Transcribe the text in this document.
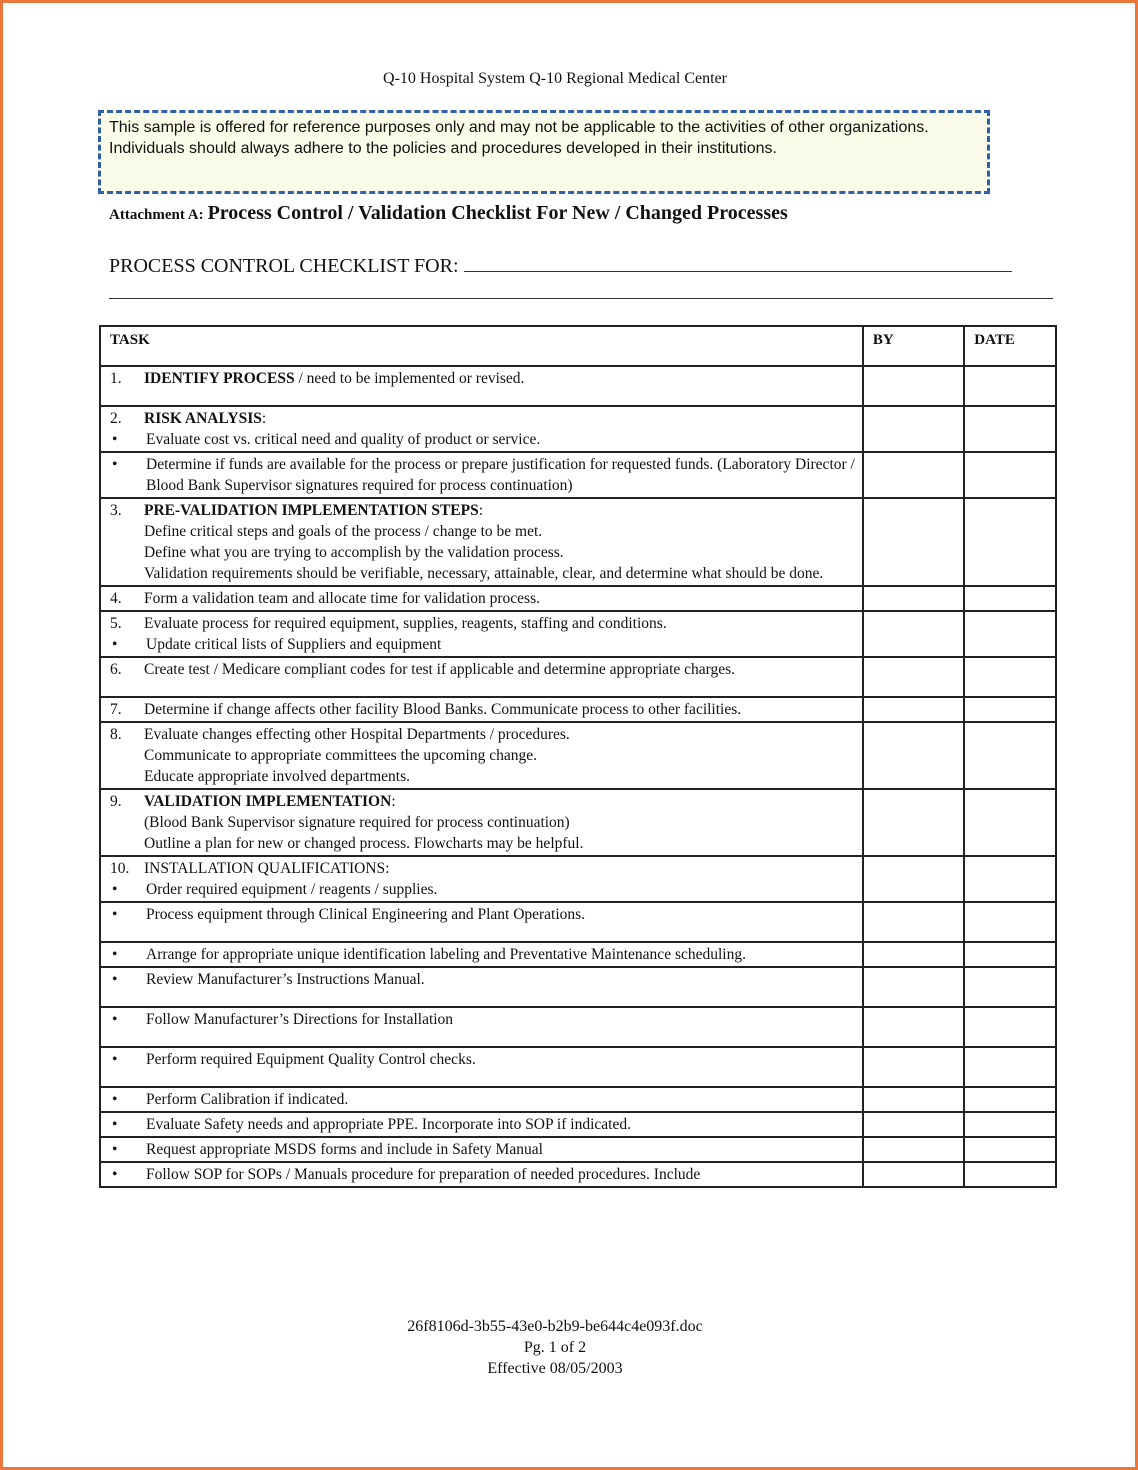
Q-10 Hospital System Q-10 Regional Medical Center
This sample is offered for reference purposes only and may not be applicable to the activities of other organizations. Individuals should always adhere to the policies and procedures developed in their institutions.
Attachment A: Process Control / Validation Checklist For New / Changed Processes
PROCESS CONTROL CHECKLIST FOR:
TASK	BY	DATE

1. IDENTIFY PROCESS / need to be implemented or revised.		

2. RISK ANALYSIS:
• Evaluate cost vs. critical need and quality of product or service.		

• Determine if funds are available for the process or prepare justification for requested funds. (Laboratory Director / Blood Bank Supervisor signatures required for process continuation)		

3. PRE-VALIDATION IMPLEMENTATION STEPS:
Define critical steps and goals of the process / change to be met.
Define what you are trying to accomplish by the validation process.
Validation requirements should be verifiable, necessary, attainable, clear, and determine what should be done.		

4. Form a validation team and allocate time for validation process.		

5. Evaluate process for required equipment, supplies, reagents, staffing and conditions.
• Update critical lists of Suppliers and equipment		

6. Create test / Medicare compliant codes for test if applicable and determine appropriate charges.		

7. Determine if change affects other facility Blood Banks. Communicate process to other facilities.		

8. Evaluate changes effecting other Hospital Departments / procedures.
Communicate to appropriate committees the upcoming change.
Educate appropriate involved departments.		

9. VALIDATION IMPLEMENTATION:
(Blood Bank Supervisor signature required for process continuation)
Outline a plan for new or changed process. Flowcharts may be helpful.		

10. INSTALLATION QUALIFICATIONS:
• Order required equipment / reagents / supplies.		

• Process equipment through Clinical Engineering and Plant Operations.		

• Arrange for appropriate unique identification labeling and Preventative Maintenance scheduling.		

• Review Manufacturer’s Instructions Manual.		

• Follow Manufacturer’s Directions for Installation		

• Perform required Equipment Quality Control checks.		

• Perform Calibration if indicated.		

• Evaluate Safety needs and appropriate PPE. Incorporate into SOP if indicated.		

• Request appropriate MSDS forms and include in Safety Manual		

• Follow SOP for SOPs / Manuals procedure for preparation of needed procedures. Include		

26f8106d-3b55-43e0-b2b9-be644c4e093f.doc
Pg. 1 of 2
Effective 08/05/2003
